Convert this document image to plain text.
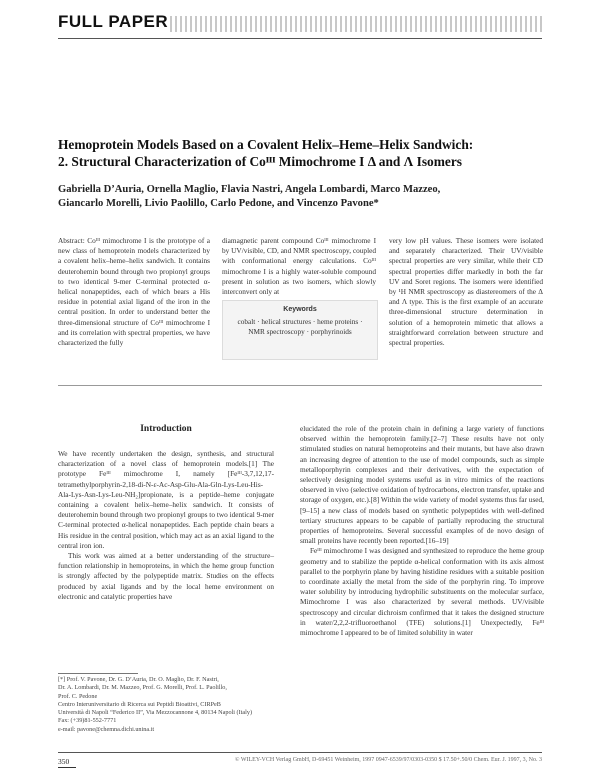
FULL PAPER
Hemoprotein Models Based on a Covalent Helix–Heme–Helix Sandwich:
2. Structural Characterization of Coᴵᴵᴵ Mimochrome I Δ and Λ Isomers
Gabriella D’Auria, Ornella Maglio, Flavia Nastri, Angela Lombardi, Marco Mazzeo,
Giancarlo Morelli, Livio Paolillo, Carlo Pedone, and Vincenzo Pavone*

Abstract: Coᴵᴵᴵ mimochrome I is the prototype of a new class of hemoprotein models characterized by a covalent helix–heme–helix sandwich. It contains deuterohemin bound through two propionyl groups to two identical 9-mer C-terminal protected α-helical nonapeptides, each of which bears a His residue in potential axial ligand of the iron in the central position. In order to understand better the three-dimensional structure of Coᴵᴵᴵ mimochrome I and its correlation with spectral properties, we have characterized the fully

diamagnetic parent compound Coᴵᴵᴵ mimochrome I by UV/visible, CD, and NMR spectroscopy, coupled with conformational energy calculations. Coᴵᴵᴵ mimochrome I is a highly water-soluble compound present in solution as two isomers, which slowly interconvert only at

Keywords
cobalt · helical structures · heme proteins · NMR spectroscopy · porphyrinoids

very low pH values. These isomers were isolated and separately characterized. Their UV/visible spectral properties are very similar, while their CD spectral properties differ markedly in both the far UV and Soret regions. The isomers were identified by ¹H NMR spectroscopy as diastereomers of the Δ and Λ type. This is the first example of an accurate three-dimensional structure determination in solution of a hemoprotein mimetic that allows a straightforward correlation between structure and spectral properties.

Introduction

We have recently undertaken the design, synthesis, and structural characterization of a novel class of hemoprotein models.[1] The prototype Feᴵᴵᴵ mimochrome I, namely [Feᴵᴵᴵ-3,7,12,17-tetramethylporphyrin-2,18-di-N-ε-Ac-Asp-Glu-Ala-Gln-Lys-Leu-His-Ala-Lys-Asn-Lys-Leu-NH₂]propionate, is a peptide–heme conjugate containing a covalent helix–heme–helix sandwich. It consists of deuterohemin bound through two propionyl groups to two identical 9-mer C-terminal protected α-helical nonapeptides. Each peptide chain bears a His residue in the central position, which may act as an axial ligand to the central iron ion.

This work was aimed at a better understanding of the structure–function relationship in hemoproteins, in which the heme group function is strongly affected by the polypeptide matrix. Studies on the effects produced by axial ligands and by the local heme environment on electronic and catalytic properties have

elucidated the role of the protein chain in defining a large variety of functions observed within the hemoprotein family.[2–7] These results have not only stimulated studies on natural hemoproteins and their mutants, but have also drawn an increasing degree of attention to the use of model compounds, such as simple metalloporphyrin complexes and their derivatives, with the expectation of selectively designing model systems useful as in vitro mimics of the reactions observed in vivo (selective oxidation of hydrocarbons, electron transfer, uptake and storage of oxygen, etc.).[8] Within the wide variety of model systems thus far used,[9–15] a new class of models based on synthetic polypeptides with well-defined tertiary structures appears to be capable of partially reproducing the structural properties of hemoproteins. Several successful examples of de novo design of small proteins have recently been reported.[16–19]

Feᴵᴵᴵ mimochrome I was designed and synthesized to reproduce the heme group geometry and to stabilize the peptide α-helical conformation with its axis almost parallel to the porphyrin plane by having histidine residues with a suitable position to coordinate axially the metal from the side of the porphyrin ring. To improve water solubility by introducing hydrophilic substituents on the molecular surface, Mimochrome I was also characterized by several methods. UV/visible spectroscopy and circular dichroism confirmed that it takes the designed structure in water/2,2,2-trifluoroethanol (TFE) solutions.[1] Unexpectedly, Feᴵᴵᴵ mimochrome I appeared to be of limited solubility in water

[*] Prof. V. Pavone, Dr. G. D’Auria, Dr. O. Maglio, Dr. F. Nastri,
Dr. A. Lombardi, Dr. M. Mazzeo, Prof. G. Morelli, Prof. L. Paolillo,
Prof. C. Pedone
Centro Interuniversitario di Ricerca sui Peptidi Bioattivi, CIRPeB
Università di Napoli “Federico II”, Via Mezzocannone 4, 80134 Napoli (Italy)
Fax: (+39)81-552-7771
e-mail: pavone@chemna.dichi.unina.it
350	© WILEY-VCH Verlag GmbH, D-69451 Weinheim, 1997 0947-6539/97/0303-0350 $ 17.50+.50/0 Chem. Eur. J. 1997, 3, No. 3
